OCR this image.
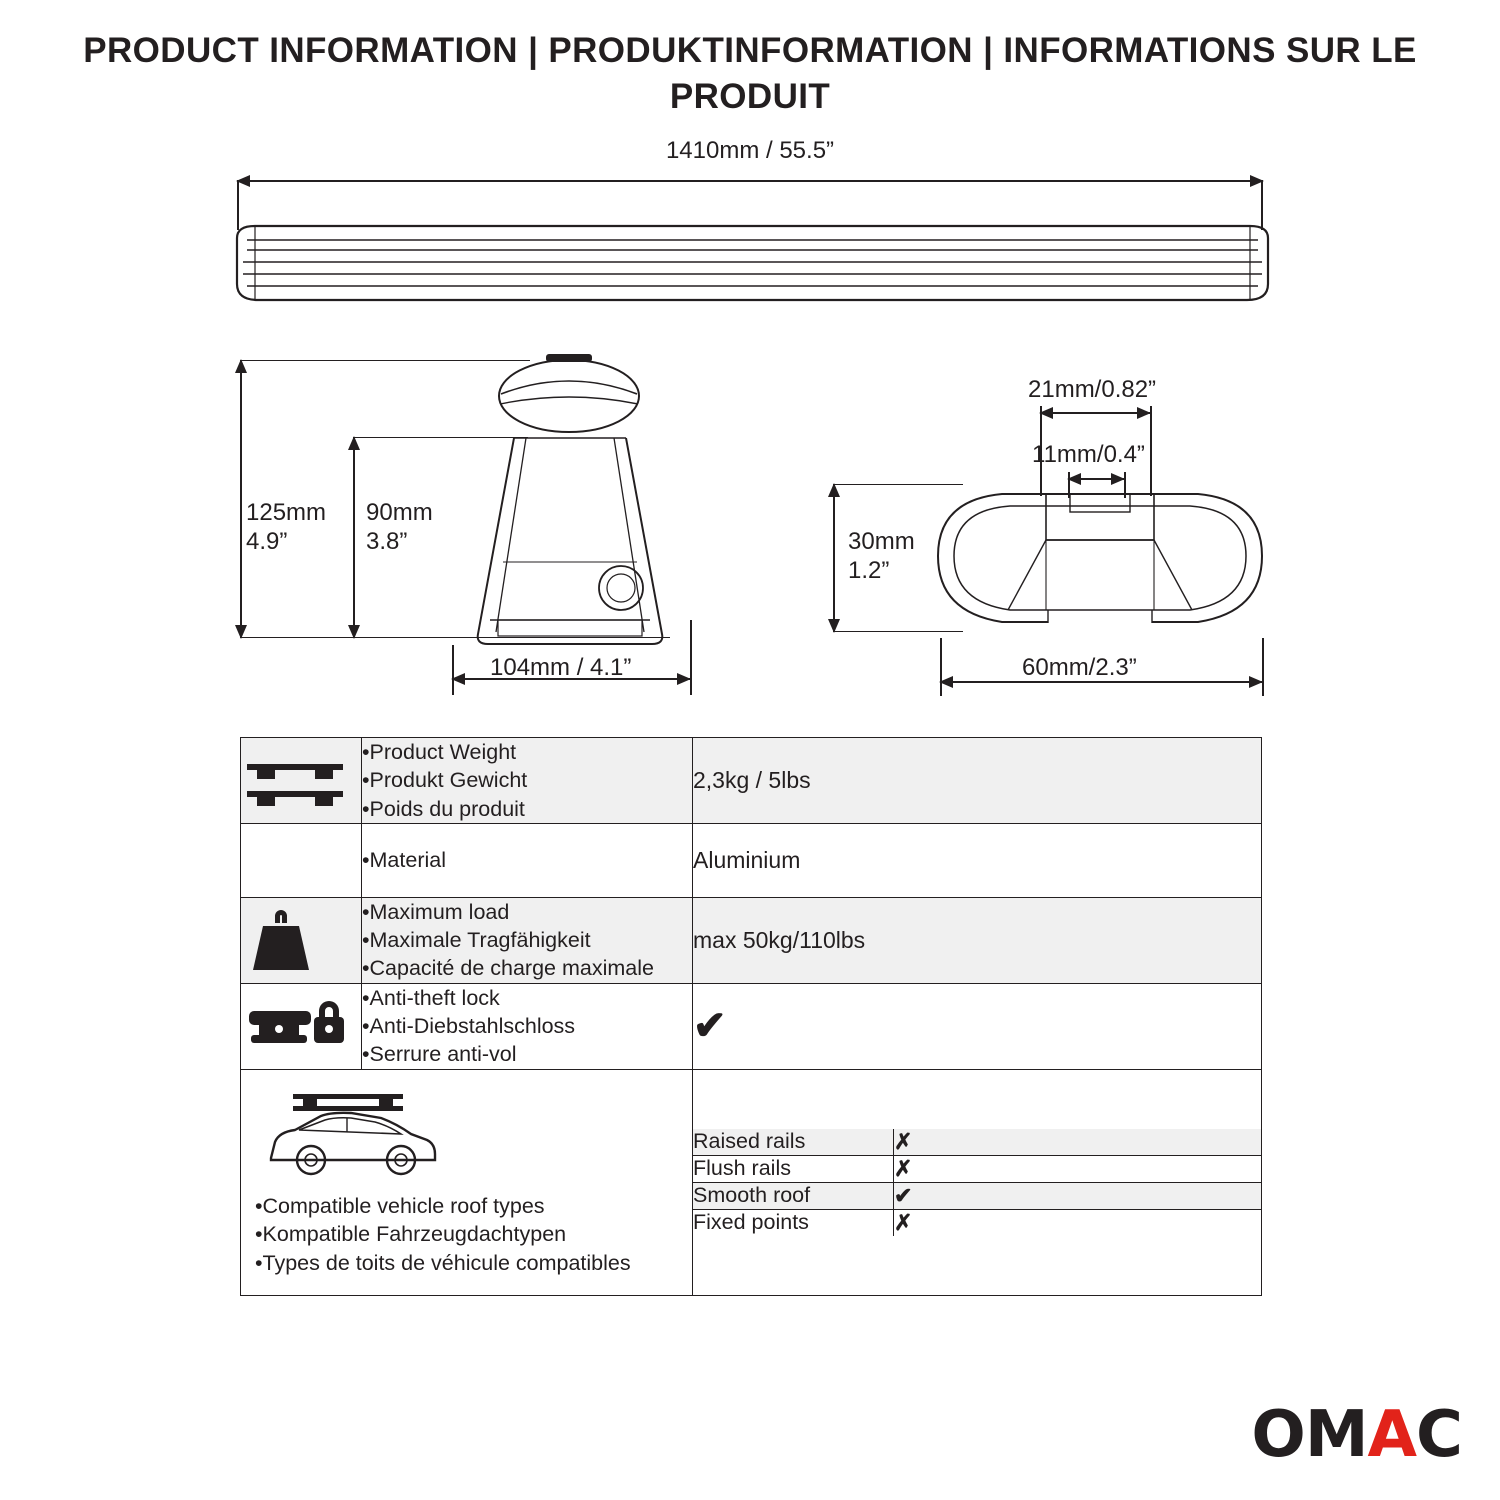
PRODUCT INFORMATION | PRODUKTINFORMATION | INFORMATIONS SUR LE PRODUIT
1410mm / 55.5”
125mm
4.9”
90mm
3.8”
104mm / 4.1”
21mm/0.82”
11mm/0.4”
30mm
1.2”
60mm/2.3”

•Product Weight
•Produkt Gewicht
•Poids du produit
	2,3kg / 5lbs

•Material	Aluminium

•Maximum load
•Maximale Tragfähigkeit
•Capacité de charge maximale
	max 50kg/110lbs

•Anti-theft lock
•Anti-Diebstahlschloss
•Serrure anti-vol
	✔

•Compatible vehicle roof types
•Kompatible Fahrzeugdachtypen
•Types de toits de véhicule compatibles

Raised rails	✗
Flush rails	✗
Smooth roof	✔
Fixed points	✗
OMAC
